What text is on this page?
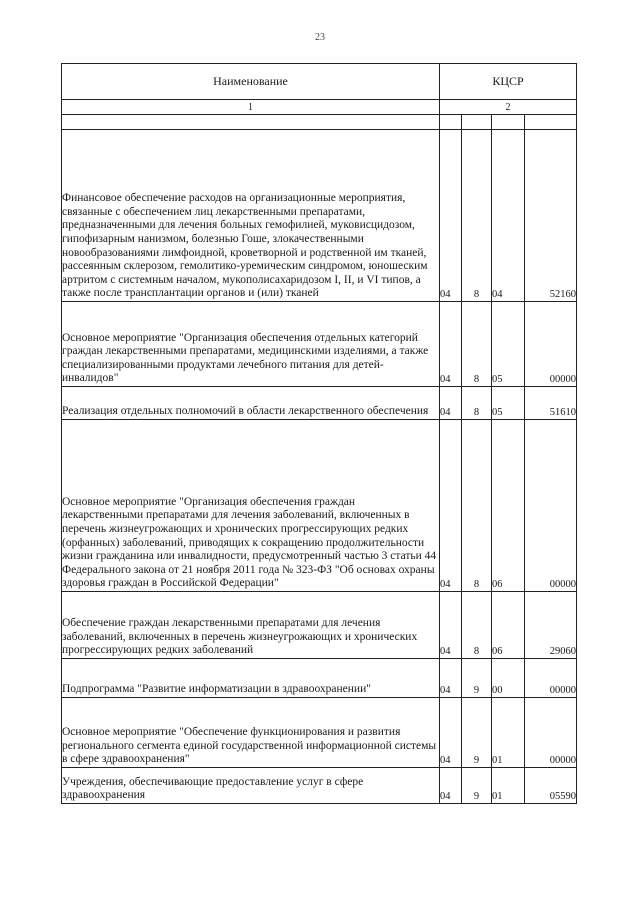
23
Наименование	КЦСР			
1	2			

Финансовое обеспечение расходов на организационные мероприятия, связанные с обеспечением лиц лекарственными препаратами, предназначенными для лечения больных гемофилией, муковисцидозом, гипофизарным нанизмом, болезнью Гоше, злокачественными новообразованиями лимфоидной, кроветворной и родственной им тканей, рассеянным склерозом, гемолитико-уремическим синдромом, юношеским артритом с системным началом, мукополисахаридозом I, II, и VI типов, а также после трансплантации органов и (или) тканей	04	8	04	52160
Основное мероприятие "Организация обеспечения отдельных категорий граждан лекарственными препаратами, медицинскими изделиями, а также специализированными продуктами лечебного питания для детей-инвалидов"	04	8	05	00000
Реализация отдельных полномочий в области лекарственного обеспечения	04	8	05	51610
Основное мероприятие "Организация обеспечения граждан лекарственными препаратами для лечения заболеваний, включенных в перечень жизнеугрожающих и хронических прогрессирующих редких (орфанных) заболеваний, приводящих к сокращению продолжительности жизни гражданина или инвалидности, предусмотренный частью 3 статьи 44 Федерального закона от 21 ноября 2011 года № 323-ФЗ "Об основах охраны здоровья граждан в Российской Федерации"	04	8	06	00000
Обеспечение граждан лекарственными препаратами для лечения заболеваний, включенных в перечень жизнеугрожающих и хронических прогрессирующих редких заболеваний	04	8	06	29060
Подпрограмма "Развитие информатизации в здравоохранении"	04	9	00	00000
Основное мероприятие "Обеспечение функционирования и развития регионального сегмента единой государственной информационной системы в сфере здравоохранения"	04	9	01	00000
Учреждения, обеспечивающие предоставление услуг в сфере здравоохранения	04	9	01	05590
